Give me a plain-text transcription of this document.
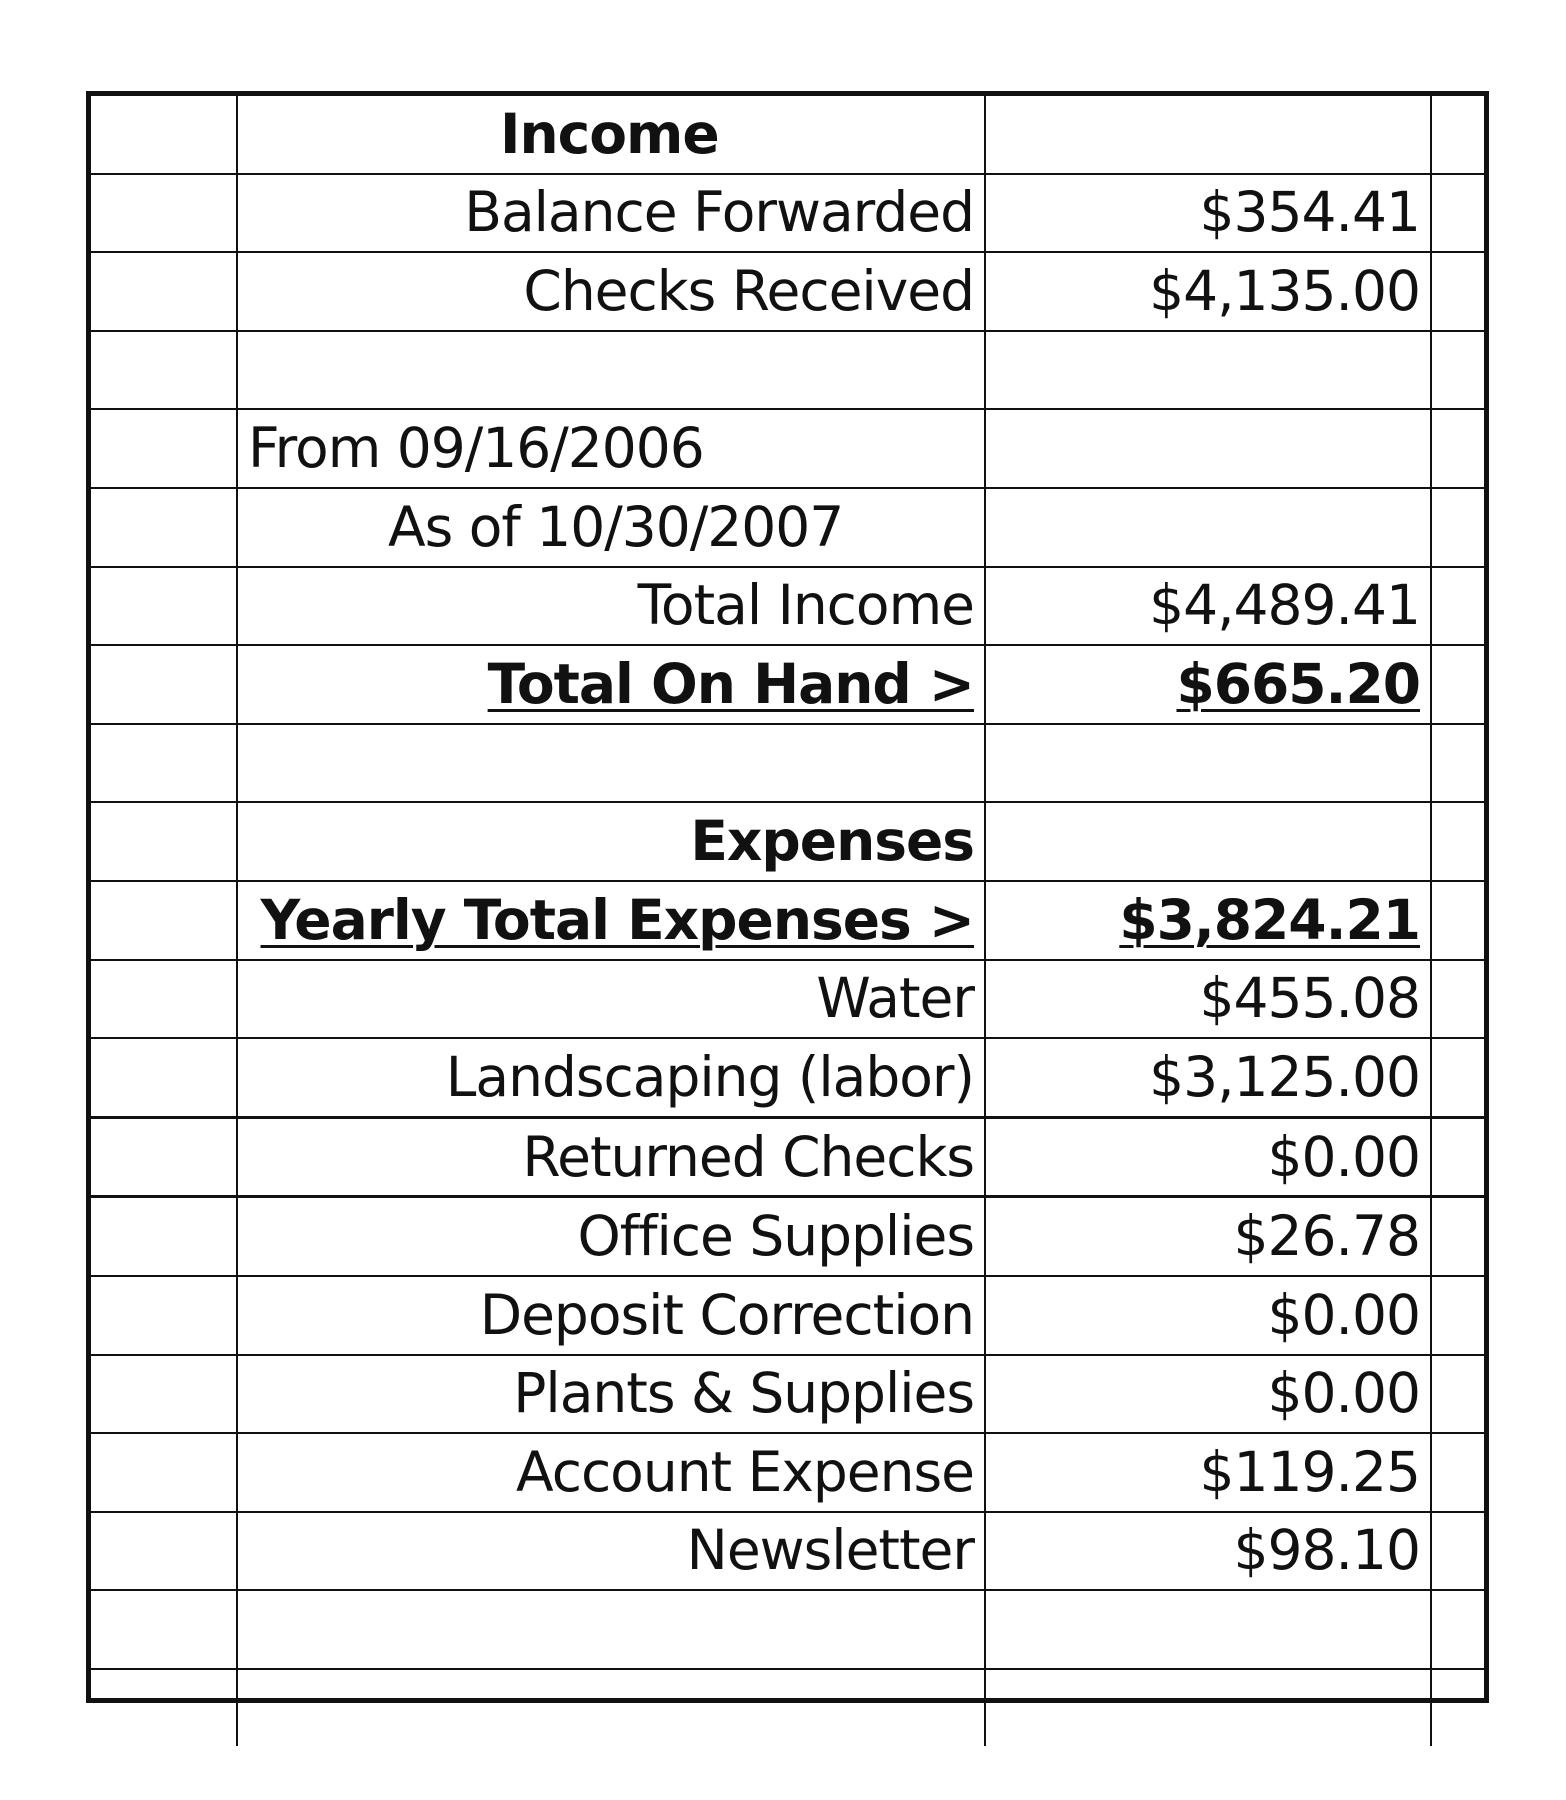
	Income		
	Balance Forwarded	$354.41	
	Checks Received	$4,135.00	

	From 09/16/2006		
	As of 10/30/2007		
	Total Income	$4,489.41	
	Total On Hand >	$665.20	

	Expenses		
	Yearly Total Expenses >	$3,824.21	
	Water	$455.08	
	Landscaping (labor)	$3,125.00	
	Returned Checks	$0.00	
	Office Supplies	$26.78	
	Deposit Correction	$0.00	
	Plants & Supplies	$0.00	
	Account Expense	$119.25	
	Newsletter	$98.10	
